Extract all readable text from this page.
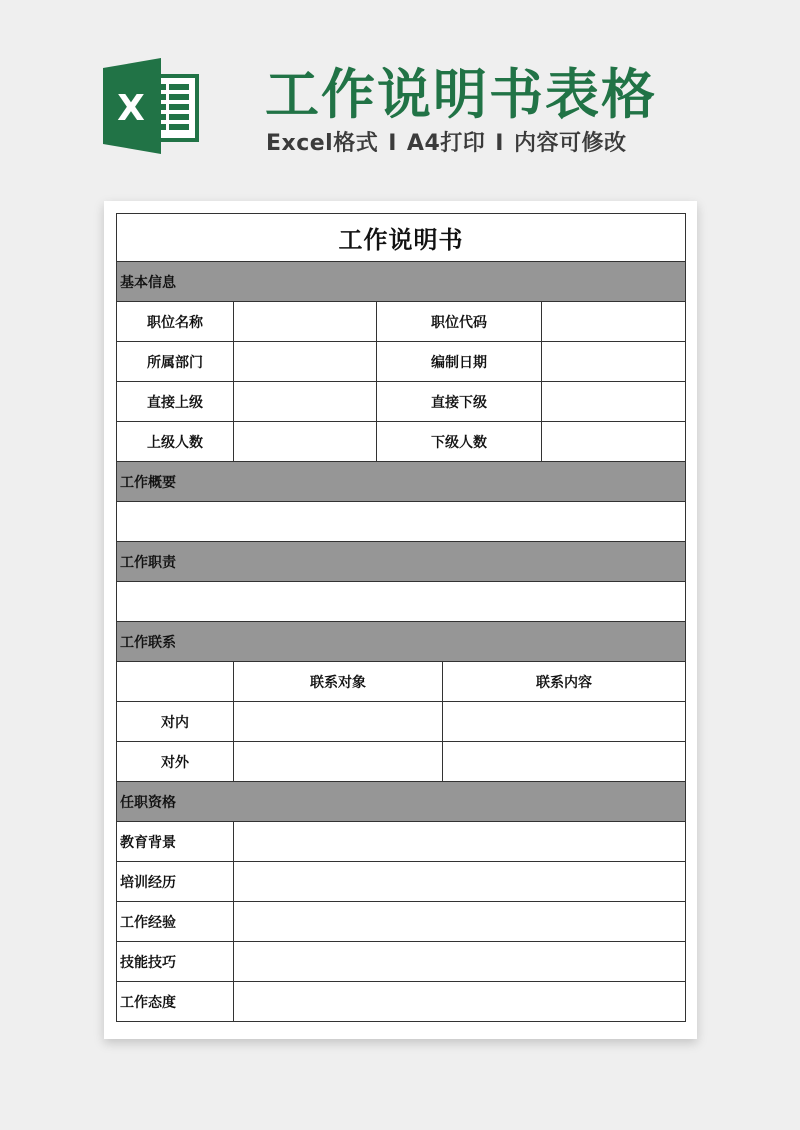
X 工作说明书表格
Excel格式 I A4打印 I 内容可修改
工作说明书				
基本信息				
职位名称		职位代码		
所属部门		编制日期		
直接上级		直接下级		
上级人数		下级人数		
工作概要				

工作职责				

工作联系				
	联系对象		联系内容	
对内				
对外				
任职资格				
教育背景				
培训经历				
工作经验				
技能技巧				
工作态度				
